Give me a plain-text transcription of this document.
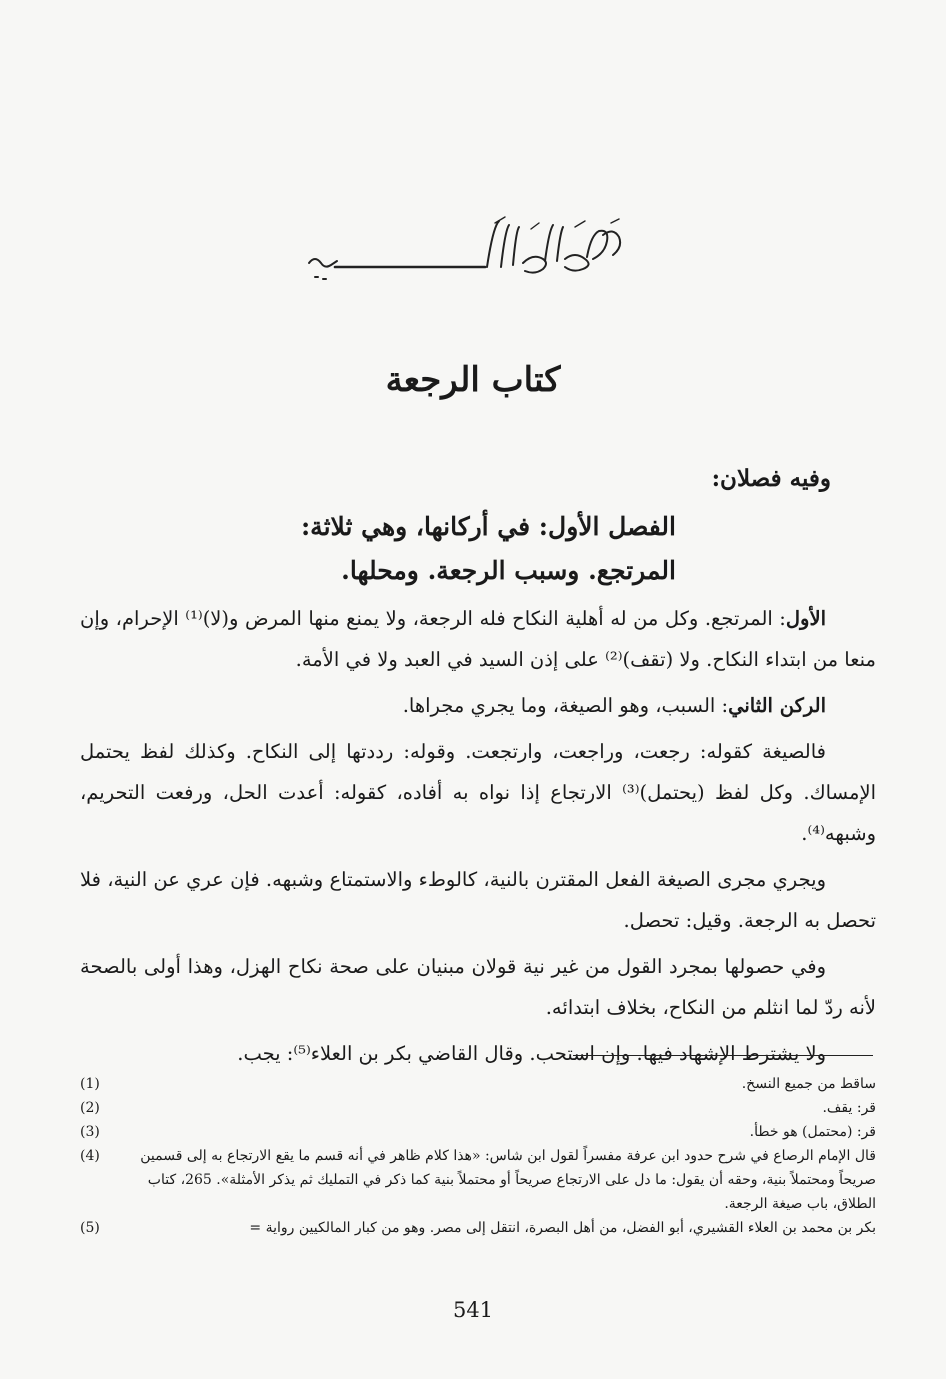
كتاب الرجعة
وفيه فصلان:
الفصل الأول: في أركانها، وهي ثلاثة:
المرتجع. وسبب الرجعة. ومحلها.

الأول: المرتجع. وكل من له أهلية النكاح فله الرجعة، ولا يمنع منها المرض و(لا)⁽¹⁾ الإحرام، وإن منعا من ابتداء النكاح. ولا (تقف)⁽²⁾ على إذن السيد في العبد ولا في الأمة.

الركن الثاني: السبب، وهو الصيغة، وما يجري مجراها.

فالصيغة كقوله: رجعت، وراجعت، وارتجعت. وقوله: رددتها إلى النكاح. وكذلك لفظ يحتمل الإمساك. وكل لفظ (يحتمل)⁽³⁾ الارتجاع إذا نواه به أفاده، كقوله: أعدت الحل، ورفعت التحريم، وشبهه⁽⁴⁾.

ويجري مجرى الصيغة الفعل المقترن بالنية، كالوطء والاستمتاع وشبهه. فإن عري عن النية، فلا تحصل به الرجعة. وقيل: تحصل.

وفي حصولها بمجرد القول من غير نية قولان مبنيان على صحة نكاح الهزل، وهذا أولى بالصحة لأنه ردّ لما انثلم من النكاح، بخلاف ابتدائه.

ولا يشترط الإشهاد فيها. وإن استحب. وقال القاضي بكر بن العلاء⁽⁵⁾: يجب.

(1)	ساقط من جميع النسخ.
(2)	قر: يقف.
(3)	قر: (محتمل) هو خطأ.
(4)	قال الإمام الرصاع في شرح حدود ابن عرفة مفسراً لقول ابن شاس: «هذا كلام ظاهر في أنه قسم ما يقع الارتجاع به إلى قسمين صريحاً ومحتملاً بنية، وحقه أن يقول: ما دل على الارتجاع صريحاً أو محتملاً بنية كما ذكر في التمليك ثم يذكر الأمثلة». 265، كتاب الطلاق، باب صيغة الرجعة.
(5)	بكر بن محمد بن العلاء القشيري، أبو الفضل، من أهل البصرة، انتقل إلى مصر. وهو من كبار المالكيين رواية =
541
